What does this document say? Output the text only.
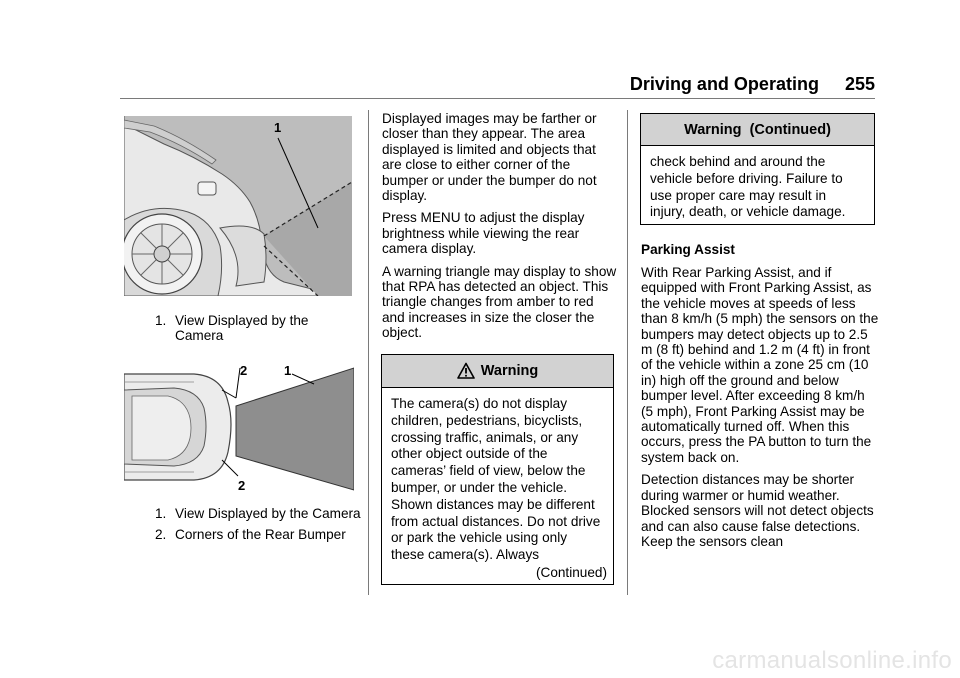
Driving and Operating 255
1
1. View Displayed by the Camera
2	1
2
1. View Displayed by the Camera
2. Corners of the Rear Bumper

Displayed images may be farther or closer than they appear. The area displayed is limited and objects that are close to either corner of the bumper or under the bumper do not display.

Press MENU to adjust the display brightness while viewing the rear camera display.

A warning triangle may display to show that RPA has detected an object. This triangle changes from amber to red and increases in size the closer the object.

Warning
The camera(s) do not display children, pedestrians, bicyclists, crossing traffic, animals, or any other object outside of the cameras’ field of view, below the bumper, or under the vehicle. Shown distances may be different from actual distances. Do not drive or park the vehicle using only these camera(s). Always
(Continued)
Warning  (Continued)
check behind and around the vehicle before driving. Failure to use proper care may result in injury, death, or vehicle damage.
Parking Assist

With Rear Parking Assist, and if equipped with Front Parking Assist, as the vehicle moves at speeds of less than 8 km/h (5 mph) the sensors on the bumpers may detect objects up to 2.5 m (8 ft) behind and 1.2 m (4 ft) in front of the vehicle within a zone 25 cm (10 in) high off the ground and below bumper level. After exceeding 8 km/h (5 mph), Front Parking Assist may be automatically turned off. When this occurs, press the PA button to turn the system back on.

Detection distances may be shorter during warmer or humid weather. Blocked sensors will not detect objects and can also cause false detections. Keep the sensors clean

carmanualsonline.info
